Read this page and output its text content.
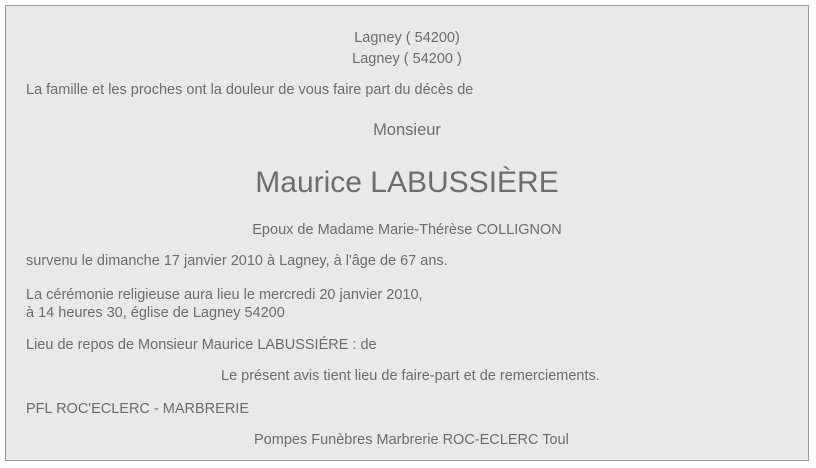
Lagney ( 54200)
Lagney ( 54200 )
La famille et les proches ont la douleur de vous faire part du décès de
Monsieur
Maurice LABUSSIÈRE
Epoux de Madame Marie-Thérèse COLLIGNON
survenu le dimanche 17 janvier 2010 à Lagney, à l'âge de 67 ans.
La cérémonie religieuse aura lieu le mercredi 20 janvier 2010,
à 14 heures 30, église de Lagney 54200
Lieu de repos de Monsieur Maurice LABUSSIÉRE : de
Le présent avis tient lieu de faire-part et de remerciements.
PFL ROC'ECLERC - MARBRERIE
Pompes Funèbres Marbrerie ROC-ECLERC Toul
